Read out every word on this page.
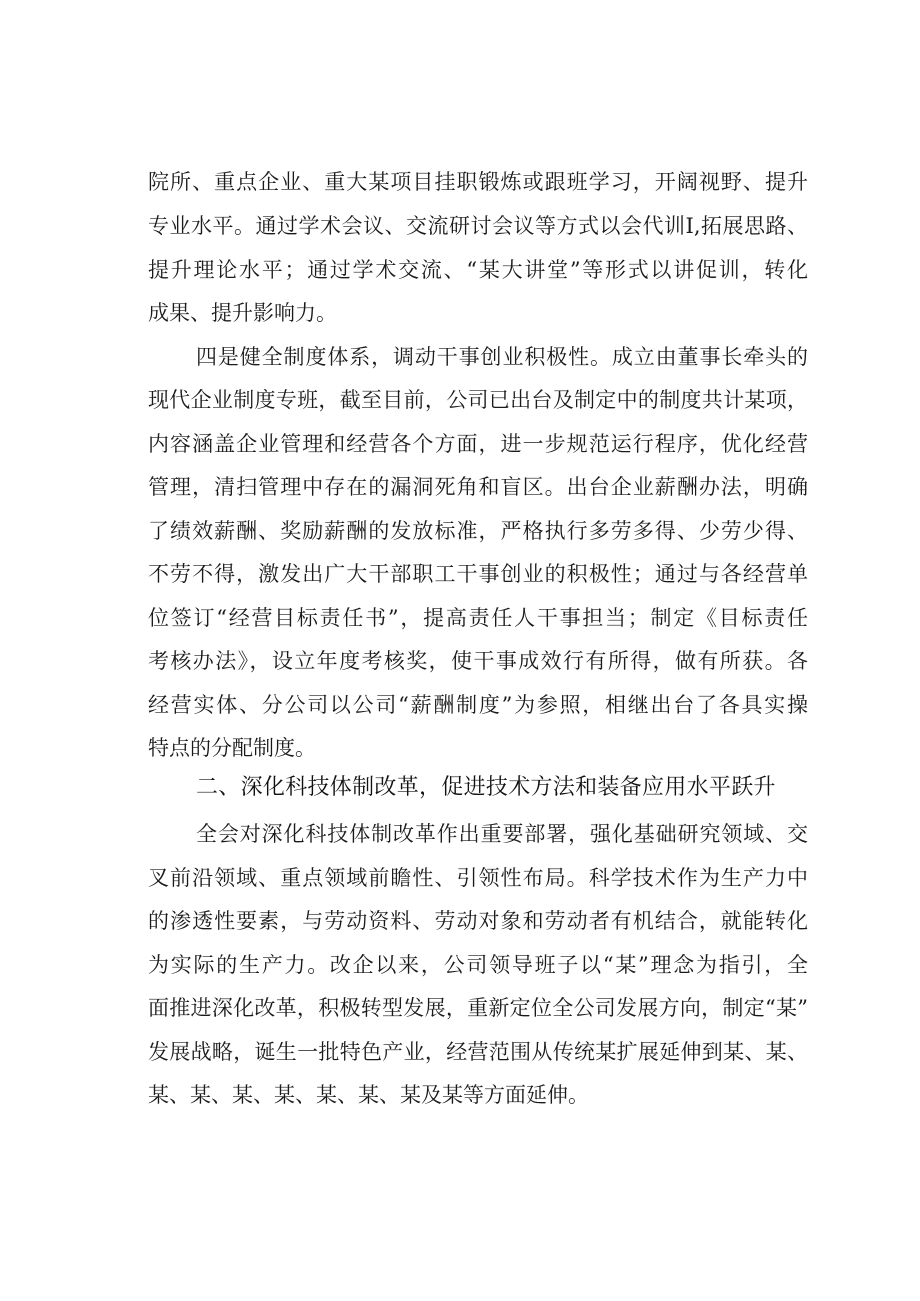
院所、重点企业、重大某项目挂职锻炼或跟班学习，开阔视野、提升
专业水平。通过学术会议、交流研讨会议等方式以会代训I,拓展思路、
提升理论水平；通过学术交流、“某大讲堂”等形式以讲促训，转化
成果、提升影响力。
四是健全制度体系，调动干事创业积极性。成立由董事长牵头的
现代企业制度专班，截至目前，公司已出台及制定中的制度共计某项，
内容涵盖企业管理和经营各个方面，进一步规范运行程序，优化经营
管理，清扫管理中存在的漏洞死角和盲区。出台企业薪酬办法，明确
了绩效薪酬、奖励薪酬的发放标准，严格执行多劳多得、少劳少得、
不劳不得，激发出广大干部职工干事创业的积极性；通过与各经营单
位签订“经营目标责任书”，提高责任人干事担当；制定《目标责任
考核办法》，设立年度考核奖，使干事成效行有所得，做有所获。各
经营实体、分公司以公司“薪酬制度”为参照，相继出台了各具实操
特点的分配制度。
二、深化科技体制改革，促进技术方法和装备应用水平跃升
全会对深化科技体制改革作出重要部署，强化基础研究领域、交
叉前沿领域、重点领域前瞻性、引领性布局。科学技术作为生产力中
的渗透性要素，与劳动资料、劳动对象和劳动者有机结合，就能转化
为实际的生产力。改企以来，公司领导班子以“某”理念为指引，全
面推进深化改革，积极转型发展，重新定位全公司发展方向，制定“某”
发展战略，诞生一批特色产业，经营范围从传统某扩展延伸到某、某、
某、某、某、某、某、某、某及某等方面延伸。
